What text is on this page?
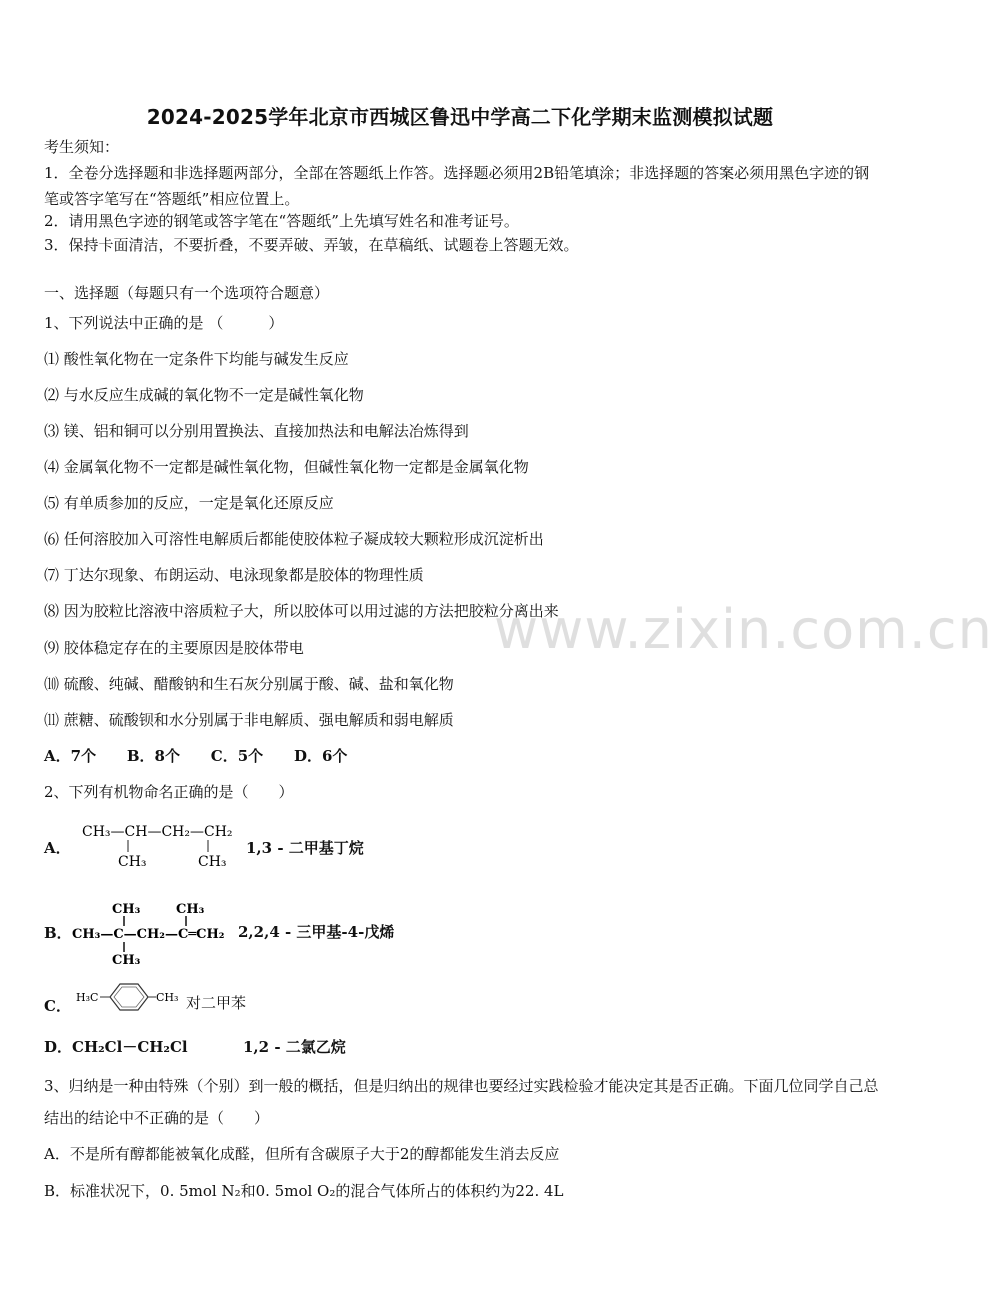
2024-2025学年北京市西城区鲁迅中学高二下化学期末监测模拟试题
考生须知：
1．全卷分选择题和非选择题两部分，全部在答题纸上作答。选择题必须用2B铅笔填涂；非选择题的答案必须用黑色字迹的钢笔或答字笔写在“答题纸”相应位置上。
2．请用黑色字迹的钢笔或答字笔在“答题纸”上先填写姓名和准考证号。
3．保持卡面清洁，不要折叠，不要弄破、弄皱，在草稿纸、试题卷上答题无效。
一、选择题（每题只有一个选项符合题意）
1、下列说法中正确的是 （　　　）
⑴ 酸性氧化物在一定条件下均能与碱发生反应
⑵ 与水反应生成碱的氧化物不一定是碱性氧化物
⑶ 镁、铝和铜可以分别用置换法、直接加热法和电解法冶炼得到
⑷ 金属氧化物不一定都是碱性氧化物，但碱性氧化物一定都是金属氧化物
⑸ 有单质参加的反应，一定是氧化还原反应
⑹ 任何溶胶加入可溶性电解质后都能使胶体粒子凝成较大颗粒形成沉淀析出
⑺ 丁达尔现象、布朗运动、电泳现象都是胶体的物理性质
⑻ 因为胶粒比溶液中溶质粒子大，所以胶体可以用过滤的方法把胶粒分离出来
⑼ 胶体稳定存在的主要原因是胶体带电
⑽ 硫酸、纯碱、醋酸钠和生石灰分别属于酸、碱、盐和氧化物
⑾ 蔗糖、硫酸钡和水分别属于非电解质、强电解质和弱电解质
A．7个 B．8个 C．5个 D．6个
2、下列有机物命名正确的是（　　）
A．
CH₃—CH—CH₂—CH₂
CH₃	CH₃
1,3 - 二甲基丁烷
B．
CH₃	CH₃
CH₃—C—CH₂—C═CH₂
CH₃
2,2,4 - 三甲基-4-戊烯
C． H₃C	CH₃ 对二甲苯
D． CH₂Cl－CH₂Cl	1,2 - 二氯乙烷
3、归纳是一种由特殊（个别）到一般的概括，但是归纳出的规律也要经过实践检验才能决定其是否正确。下面几位同学自己总结出的结论中不正确的是（　　）
A．不是所有醇都能被氧化成醛，但所有含碳原子大于2的醇都能发生消去反应
B．标准状况下，0. 5mol N₂和0. 5mol O₂的混合气体所占的体积约为22. 4L
www.zixin.com.cn
